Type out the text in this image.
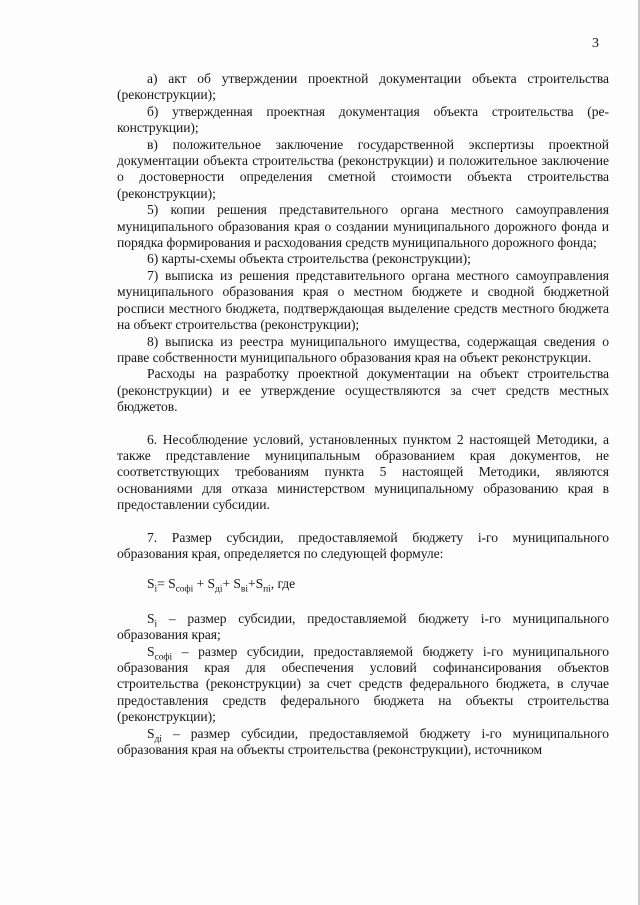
3

а) акт об утверждении проектной документации объекта строительства (реконструкции);

б) утвержденная проектная документация объекта строительства (реконструкции);

в) положительное заключение государственной экспертизы проектной документации объекта строительства (реконструкции) и положительное заключение о достоверности определения сметной стоимости объекта строительства (реконструкции);

5) копии решения представительного органа местного самоуправления муниципального образования края о создании муниципального дорожного фонда и порядка формирования и расходования средств муниципального дорожного фонда;

6) карты-схемы объекта строительства (реконструкции);

7) выписка из решения представительного органа местного самоуправления муниципального образования края о местном бюджете и сводной бюджетной росписи местного бюджета, подтверждающая выделение средств местного бюджета на объект строительства (реконструкции);

8) выписка из реестра муниципального имущества, содержащая сведения о праве собственности муниципального образования края на объект реконструкции.

Расходы на разработку проектной документации на объект строительства (реконструкции) и ее утверждение осуществляются за счет средств местных бюджетов.

6. Несоблюдение условий, установленных пунктом 2 настоящей Методики, а также представление муниципальным образованием края документов, не соответствующих требованиям пункта 5 настоящей Методики, являются основаниями для отказа министерством муниципальному образованию края в предоставлении субсидии.

7. Размер субсидии, предоставляемой бюджету i-го муниципального образования края, определяется по следующей формуле:

$S_i= S_{софi} + S_{дi}+ S_{вi}+S_{пi}$, где

$S_i$ – размер субсидии, предоставляемой бюджету i-го муниципального образования края;

$S_{софi}$ – размер субсидии, предоставляемой бюджету i-го муниципального образования края для обеспечения условий софинансирования объектов строительства (реконструкции) за счет средств федерального бюджета, в случае предоставления средств федерального бюджета на объекты строительства (реконструкции);

$S_{дi}$ – размер субсидии, предоставляемой бюджету i-го муниципального образования края на объекты строительства (реконструкции), источником
